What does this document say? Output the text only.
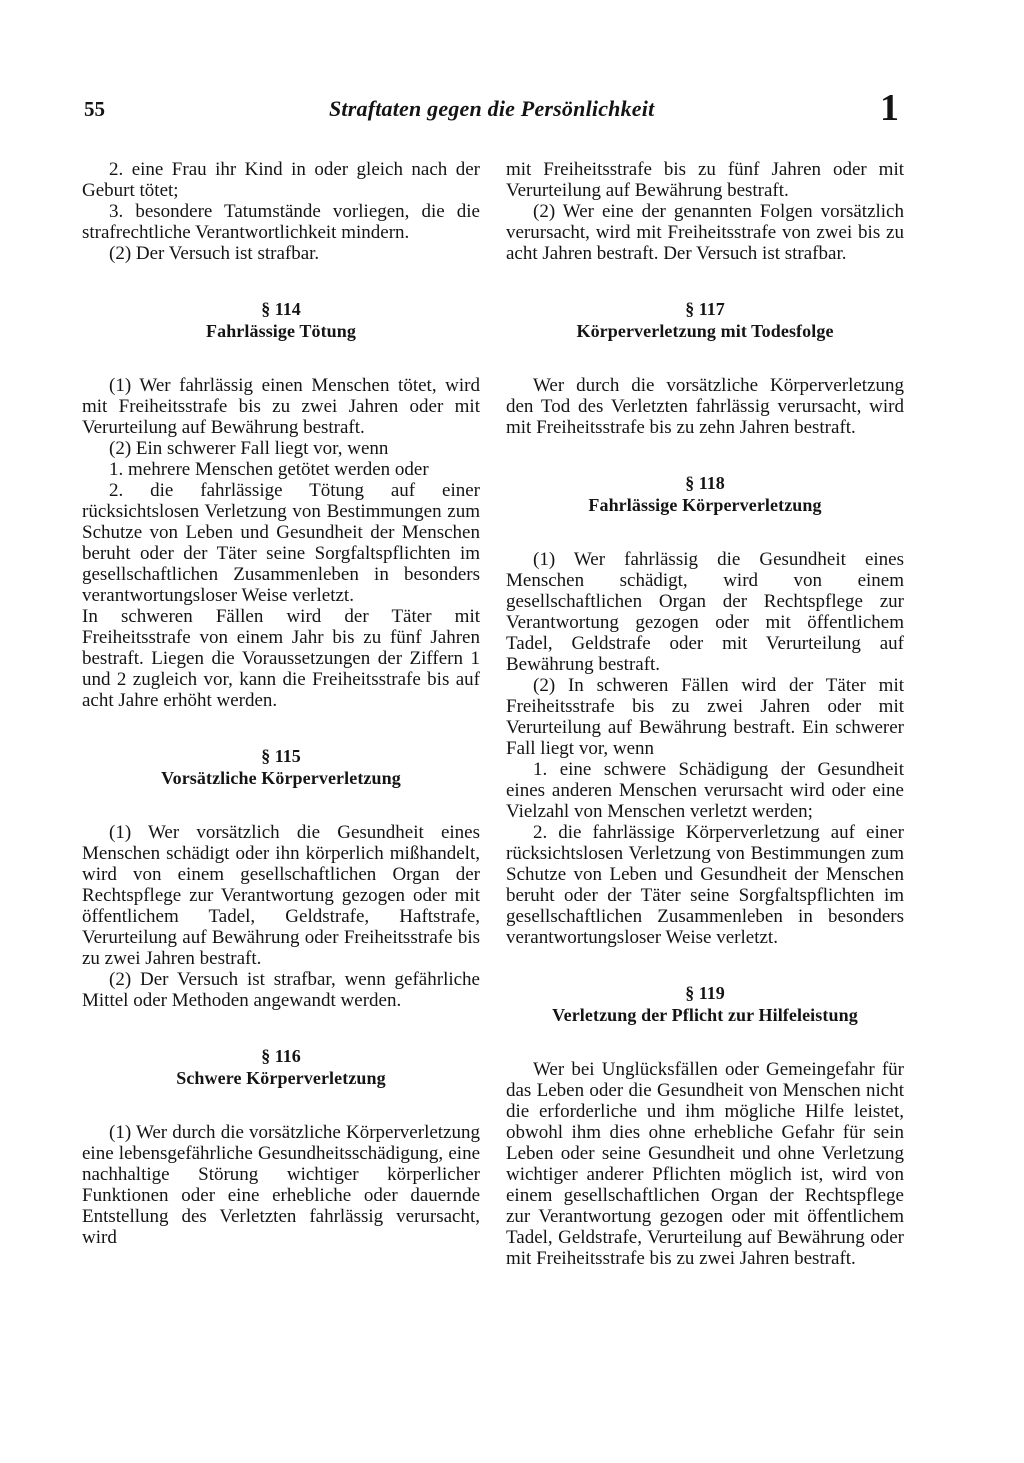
55	Straftaten gegen die Persönlichkeit	1

2. eine Frau ihr Kind in oder gleich nach der Geburt tötet;

3. besondere Tatumstände vorliegen, die die strafrechtliche Verantwortlichkeit mindern.

(2) Der Versuch ist strafbar.

§ 114
Fahrlässige Tötung

(1) Wer fahrlässig einen Menschen tötet, wird mit Freiheitsstrafe bis zu zwei Jahren oder mit Verurteilung auf Bewährung bestraft.

(2) Ein schwerer Fall liegt vor, wenn

1. mehrere Menschen getötet werden oder

2. die fahrlässige Tötung auf einer rücksichtslosen Verletzung von Bestimmungen zum Schutze von Leben und Gesundheit der Menschen beruht oder der Täter seine Sorgfaltspflichten im gesellschaftlichen Zusammenleben in besonders verantwortungsloser Weise verletzt.

In schweren Fällen wird der Täter mit Freiheitsstrafe von einem Jahr bis zu fünf Jahren bestraft. Liegen die Voraussetzungen der Ziffern 1 und 2 zugleich vor, kann die Freiheitsstrafe bis auf acht Jahre erhöht werden.

§ 115
Vorsätzliche Körperverletzung

(1) Wer vorsätzlich die Gesundheit eines Menschen schädigt oder ihn körperlich mißhandelt, wird von einem gesellschaftlichen Organ der Rechtspflege zur Verantwortung gezogen oder mit öffentlichem Tadel, Geldstrafe, Haftstrafe, Verurteilung auf Bewährung oder Freiheitsstrafe bis zu zwei Jahren bestraft.

(2) Der Versuch ist strafbar, wenn gefährliche Mittel oder Methoden angewandt werden.

§ 116
Schwere Körperverletzung

(1) Wer durch die vorsätzliche Körperverletzung eine lebensgefährliche Gesundheitsschädigung, eine nachhaltige Störung wichtiger körperlicher Funktionen oder eine erhebliche oder dauernde Entstellung des Verletzten fahrlässig verursacht, wird

mit Freiheitsstrafe bis zu fünf Jahren oder mit Verurteilung auf Bewährung bestraft.

(2) Wer eine der genannten Folgen vorsätzlich verursacht, wird mit Freiheitsstrafe von zwei bis zu acht Jahren bestraft. Der Versuch ist strafbar.

§ 117
Körperverletzung mit Todesfolge

Wer durch die vorsätzliche Körperverletzung den Tod des Verletzten fahrlässig verursacht, wird mit Freiheitsstrafe bis zu zehn Jahren bestraft.

§ 118
Fahrlässige Körperverletzung

(1) Wer fahrlässig die Gesundheit eines Menschen schädigt, wird von einem gesellschaftlichen Organ der Rechtspflege zur Verantwortung gezogen oder mit öffentlichem Tadel, Geldstrafe oder mit Verurteilung auf Bewährung bestraft.

(2) In schweren Fällen wird der Täter mit Freiheitsstrafe bis zu zwei Jahren oder mit Verurteilung auf Bewährung bestraft. Ein schwerer Fall liegt vor, wenn

1. eine schwere Schädigung der Gesundheit eines anderen Menschen verursacht wird oder eine Vielzahl von Menschen verletzt werden;

2. die fahrlässige Körperverletzung auf einer rücksichtslosen Verletzung von Bestimmungen zum Schutze von Leben und Gesundheit der Menschen beruht oder der Täter seine Sorgfaltspflichten im gesellschaftlichen Zusammenleben in besonders verantwortungsloser Weise verletzt.

§ 119
Verletzung der Pflicht zur Hilfeleistung

Wer bei Unglücksfällen oder Gemeingefahr für das Leben oder die Gesundheit von Menschen nicht die erforderliche und ihm mögliche Hilfe leistet, obwohl ihm dies ohne erhebliche Gefahr für sein Leben oder seine Gesundheit und ohne Verletzung wichtiger anderer Pflichten möglich ist, wird von einem gesellschaftlichen Organ der Rechtspflege zur Verantwortung gezogen oder mit öffentlichem Tadel, Geldstrafe, Verurteilung auf Bewährung oder mit Freiheitsstrafe bis zu zwei Jahren bestraft.
